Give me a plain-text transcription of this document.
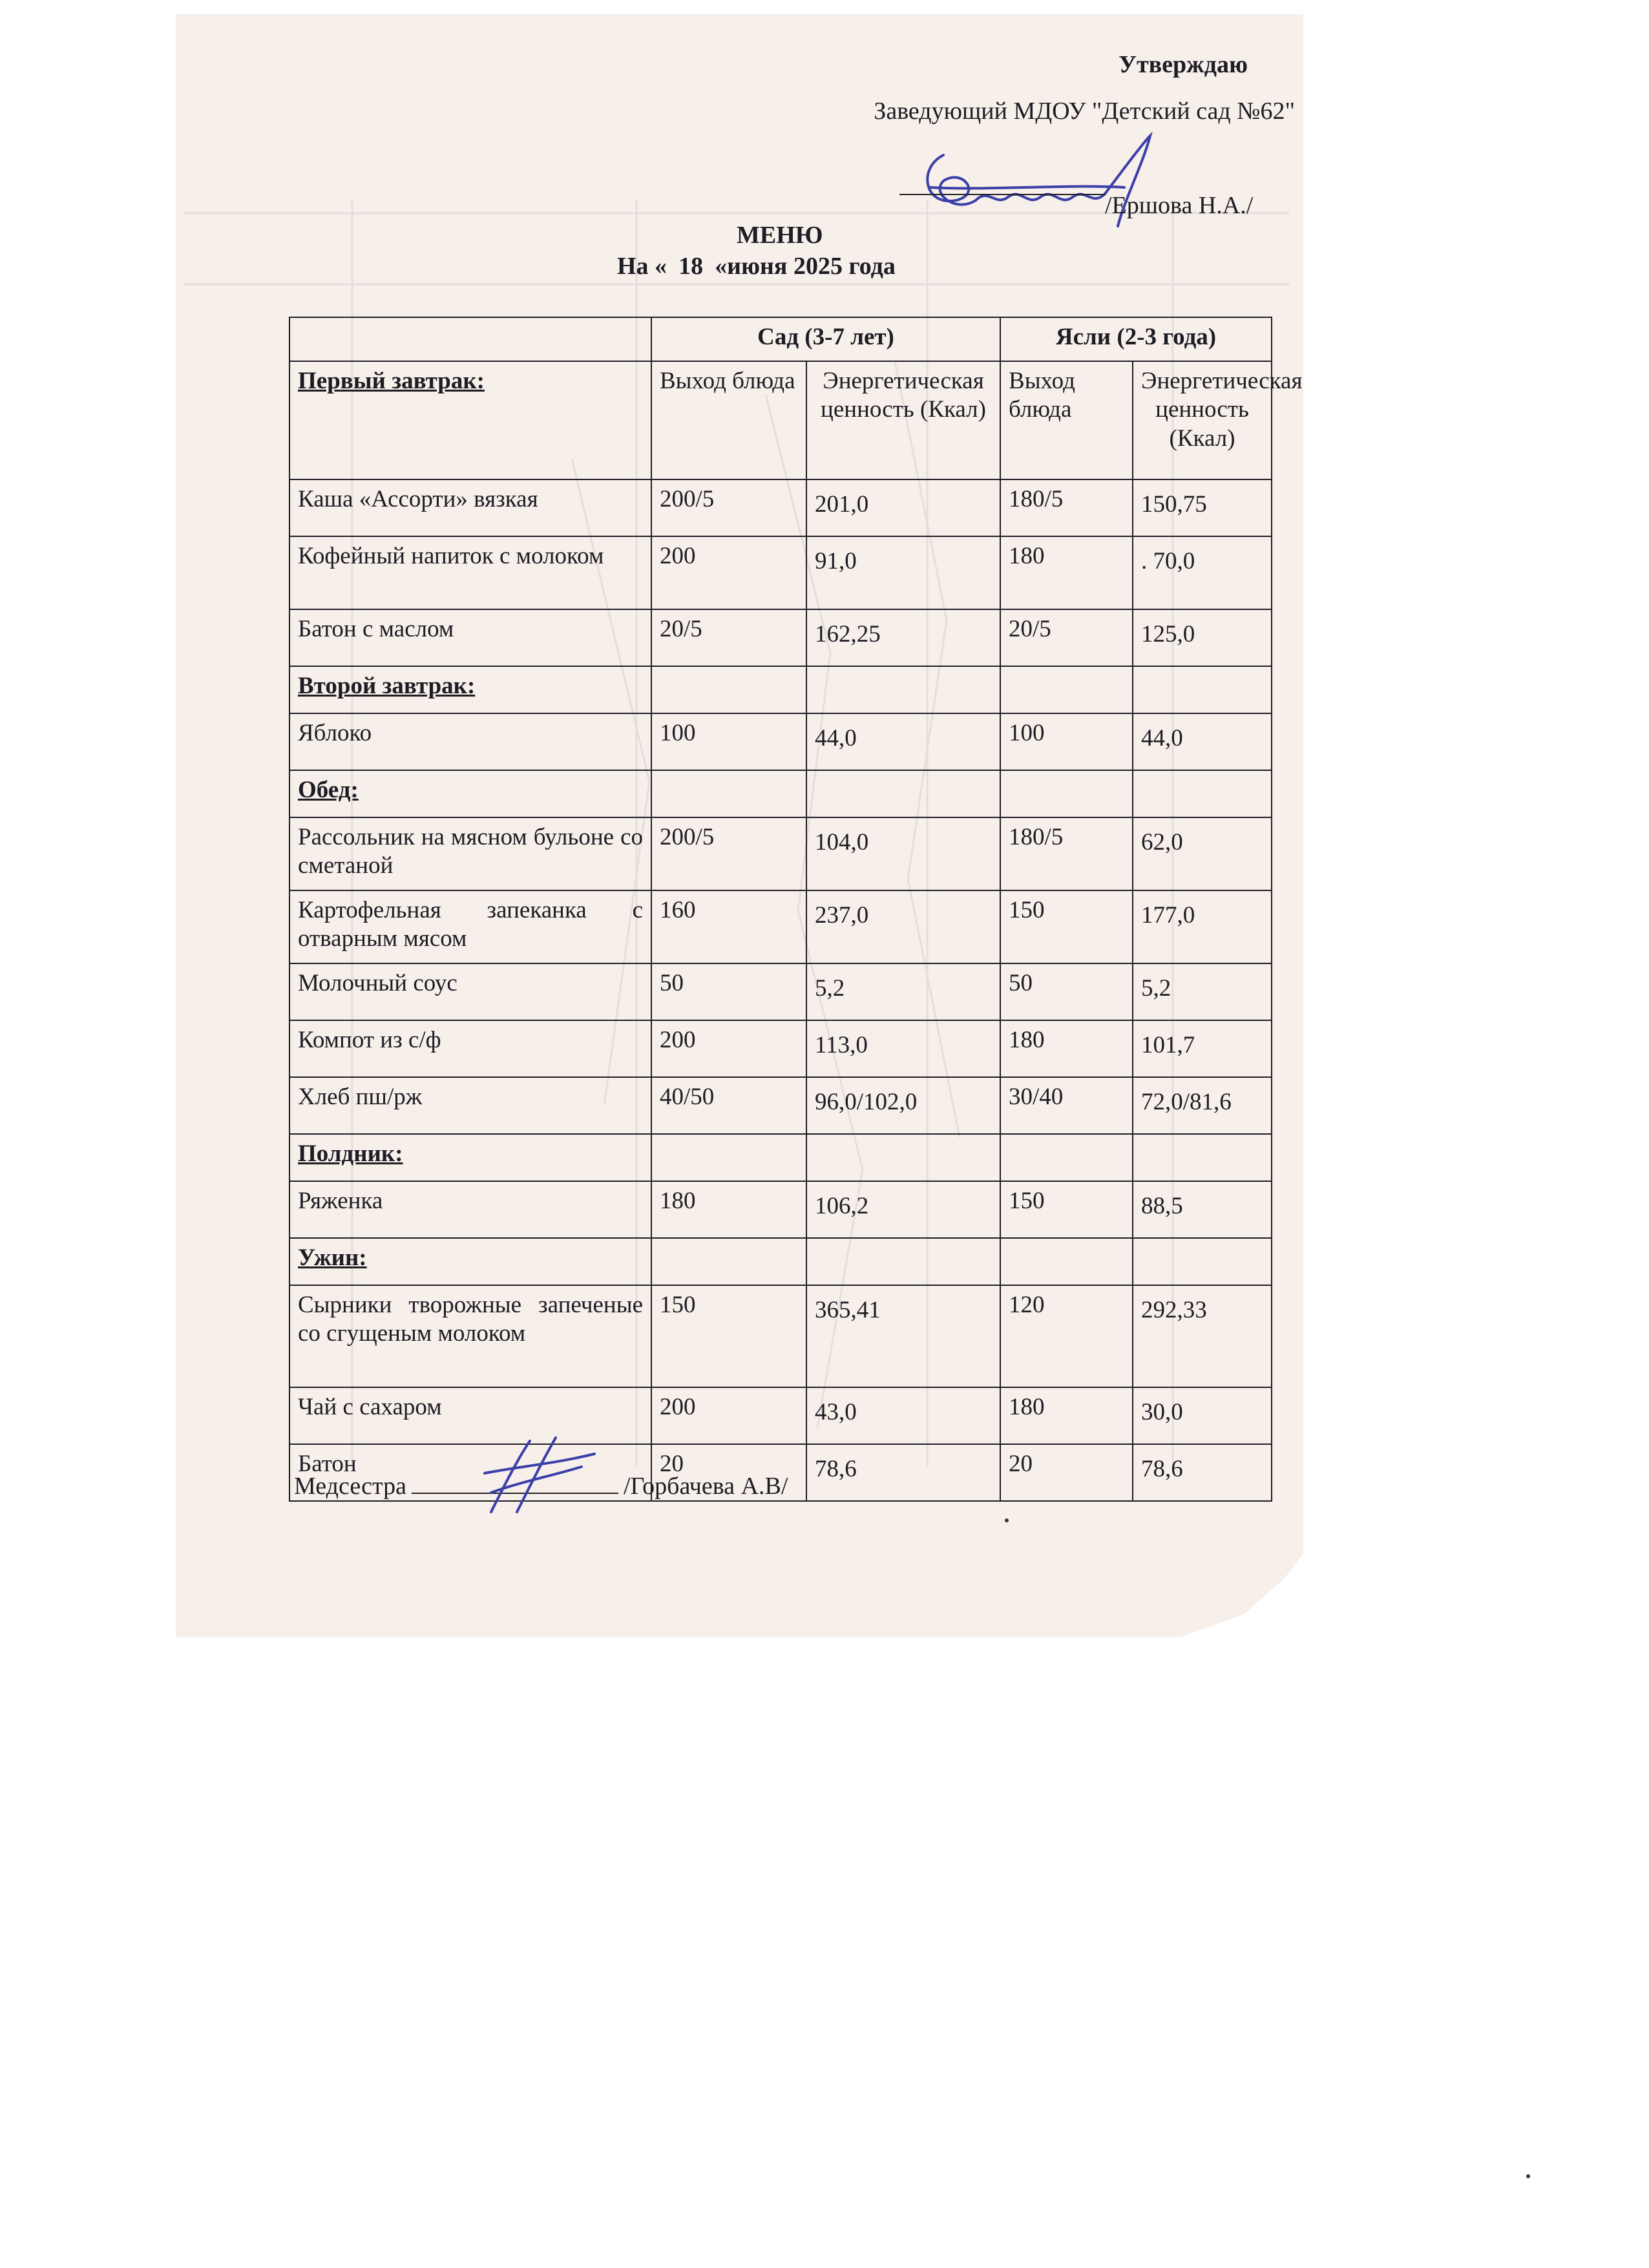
Утверждаю
Заведующий МДОУ "Детский сад №62"
/Ершова Н.А./
МЕНЮ
На « 18 «июня 2025 года
	Сад (3-7 лет)		Ясли (2-3 года)	
Первый завтрак:	Выход блюда	Энергетическая ценность (Ккал)	Выход блюда	Энергетическая ценность (Ккал)
Каша «Ассорти» вязкая	200/5	201,0	180/5	150,75
Кофейный напиток с молоком	200	91,0	180	. 70,0
Батон с маслом	20/5	162,25	20/5	125,0
Второй завтрак:				
Яблоко	100	44,0	100	44,0
Обед:				
Рассольник на мясном бульоне со сметаной	200/5	104,0	180/5	62,0
Картофельная запеканка с отварным мясом	160	237,0	150	177,0
Молочный соус	50	5,2	50	5,2
Компот из с/ф	200	113,0	180	101,7
Хлеб пш/рж	40/50	96,0/102,0	30/40	72,0/81,6
Полдник:				
Ряженка	180	106,2	150	88,5
Ужин:				
Сырники творожные запеченые со сгущеным молоком	150	365,41	120	292,33
Чай с сахаром	200	43,0	180	30,0
Батон	20	78,6	20	78,6
Медсестра	/Горбачева А.В/
